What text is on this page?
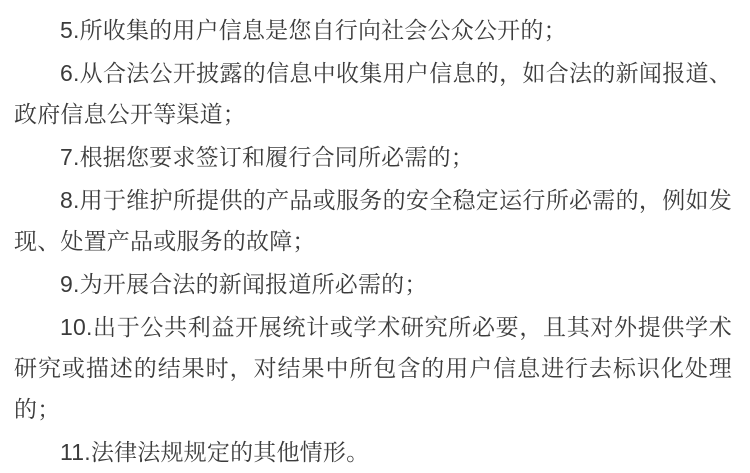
5.所收集的用户信息是您自行向社会公众公开的；

6.从合法公开披露的信息中收集用户信息的，如合法的新闻报道、政府信息公开等渠道；

7.根据您要求签订和履行合同所必需的；

8.用于维护所提供的产品或服务的安全稳定运行所必需的，例如发现、处置产品或服务的故障；

9.为开展合法的新闻报道所必需的；

10.出于公共利益开展统计或学术研究所必要，且其对外提供学术研究或描述的结果时，对结果中所包含的用户信息进行去标识化处理的；

11.法律法规规定的其他情形。
